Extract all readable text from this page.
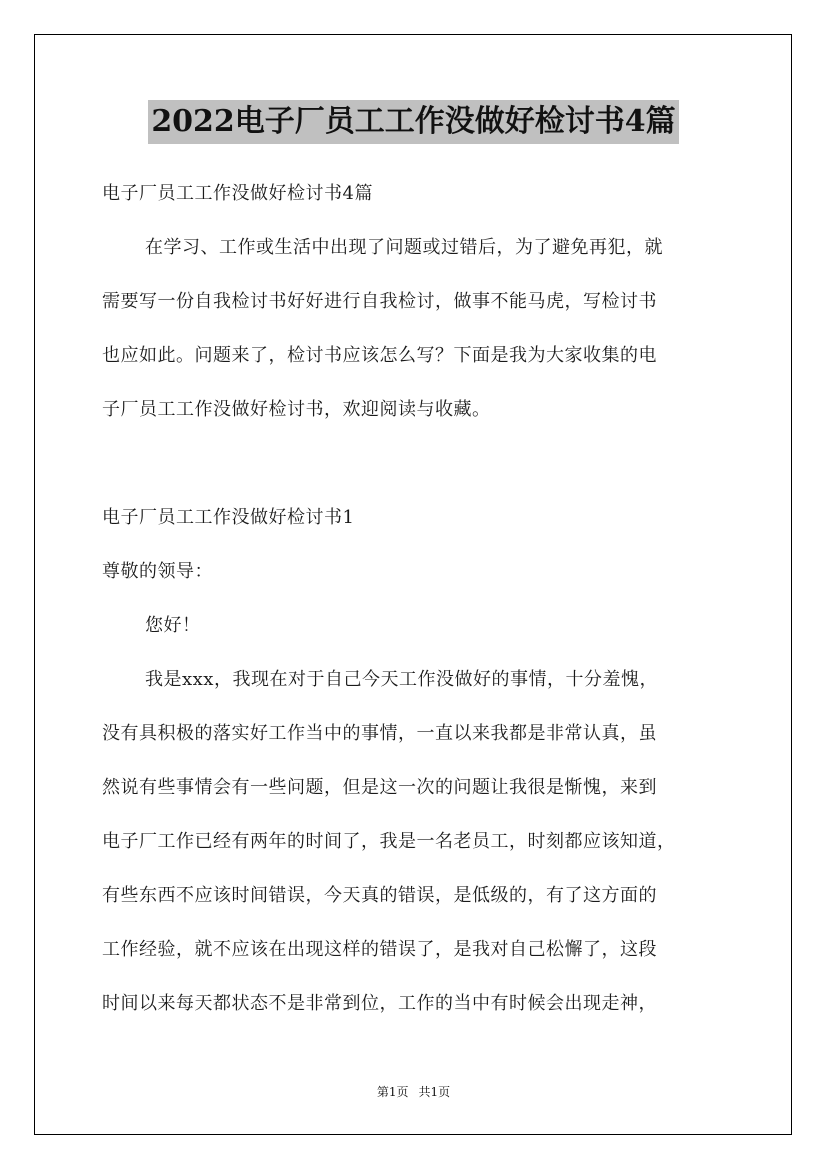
2022电子厂员工工作没做好检讨书4篇
电子厂员工工作没做好检讨书4篇
在学习、工作或生活中出现了问题或过错后，为了避免再犯，就
需要写一份自我检讨书好好进行自我检讨，做事不能马虎，写检讨书
也应如此。问题来了，检讨书应该怎么写？下面是我为大家收集的电
子厂员工工作没做好检讨书，欢迎阅读与收藏。
电子厂员工工作没做好检讨书1
尊敬的领导：
您好！
我是xxx，我现在对于自己今天工作没做好的事情，十分羞愧，
没有具积极的落实好工作当中的事情，一直以来我都是非常认真，虽
然说有些事情会有一些问题，但是这一次的问题让我很是惭愧，来到
电子厂工作已经有两年的时间了，我是一名老员工，时刻都应该知道，
有些东西不应该时间错误，今天真的错误，是低级的，有了这方面的
工作经验，就不应该在出现这样的错误了，是我对自己松懈了，这段
时间以来每天都状态不是非常到位，工作的当中有时候会出现走神，
第1页 共1页
